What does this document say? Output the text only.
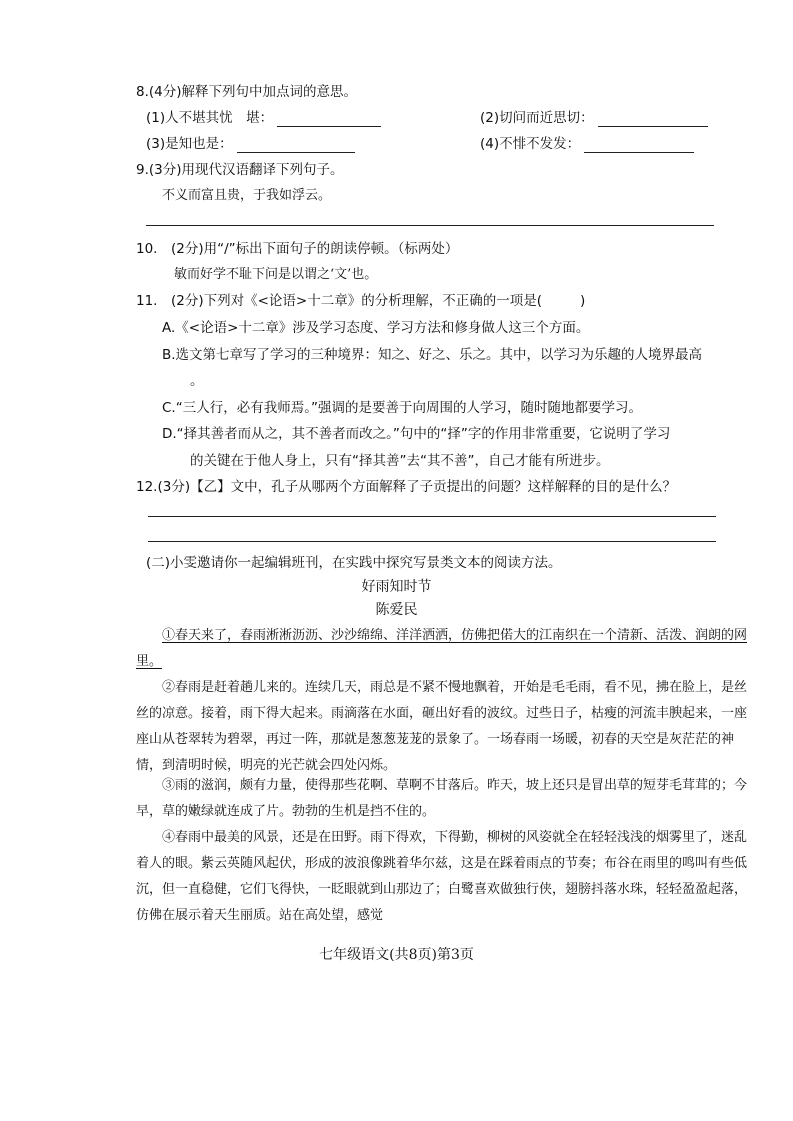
8.(4分)解释下列句中加点词的意思。
(1)人不堪其忧　堪：	(2)切问而近思切：
(3)是知也是：	(4)不悱不发发：
9.(3分)用现代汉语翻译下列句子。
不义而富且贵，于我如浮云。
10.　(2分)用“/”标出下面句子的朗读停顿。（标两处）
敏而好学不耻下问是以谓之‘文’也。
11.　(2分)下列对《<论语>十二章》的分析理解，不正确的一项是(	)
A.《<论语>十二章》涉及学习态度、学习方法和修身做人这三个方面。
B.选文第七章写了学习的三种境界：知之、好之、乐之。其中，以学习为乐趣的人境界最高
。
C.“三人行，必有我师焉。”强调的是要善于向周围的人学习，随时随地都要学习。
D.“择其善者而从之，其不善者而改之。”句中的“择”字的作用非常重要，它说明了学习
的关键在于他人身上，只有“择其善”去“其不善”，自己才能有所进步。
12.(3分)【乙】文中，孔子从哪两个方面解释了子贡提出的问题？这样解释的目的是什么？
(二)小雯邀请你一起编辑班刊，在实践中探究写景类文本的阅读方法。
好雨知时节
陈爱民
①春天来了，春雨淅淅沥沥、沙沙绵绵、洋洋洒洒，仿佛把偌大的江南织在一个清新、活泼、润朗的网里。
②春雨是赶着趟儿来的。连续几天，雨总是不紧不慢地飘着，开始是毛毛雨，看不见，拂在脸上，是丝丝的凉意。接着，雨下得大起来。雨滴落在水面，砸出好看的波纹。过些日子，枯瘦的河流丰腴起来，一座座山从苍翠转为碧翠，再过一阵，那就是葱葱茏茏的景象了。一场春雨一场暖，初春的天空是灰茫茫的神情，到清明时候，明亮的光芒就会四处闪烁。
③雨的滋润，颇有力量，使得那些花啊、草啊不甘落后。昨天，坡上还只是冒出草的短芽毛茸茸的；今早，草的嫩绿就连成了片。勃勃的生机是挡不住的。
④春雨中最美的风景，还是在田野。雨下得欢，下得勤，柳树的风姿就全在轻轻浅浅的烟雾里了，迷乱着人的眼。紫云英随风起伏，形成的波浪像跳着华尔兹，这是在踩着雨点的节奏；布谷在雨里的鸣叫有些低沉，但一直稳健，它们飞得快，一眨眼就到山那边了；白鹭喜欢做独行侠，翅膀抖落水珠，轻轻盈盈起落，仿佛在展示着天生丽质。站在高处望，感觉
七年级语文(共8页)第3页
